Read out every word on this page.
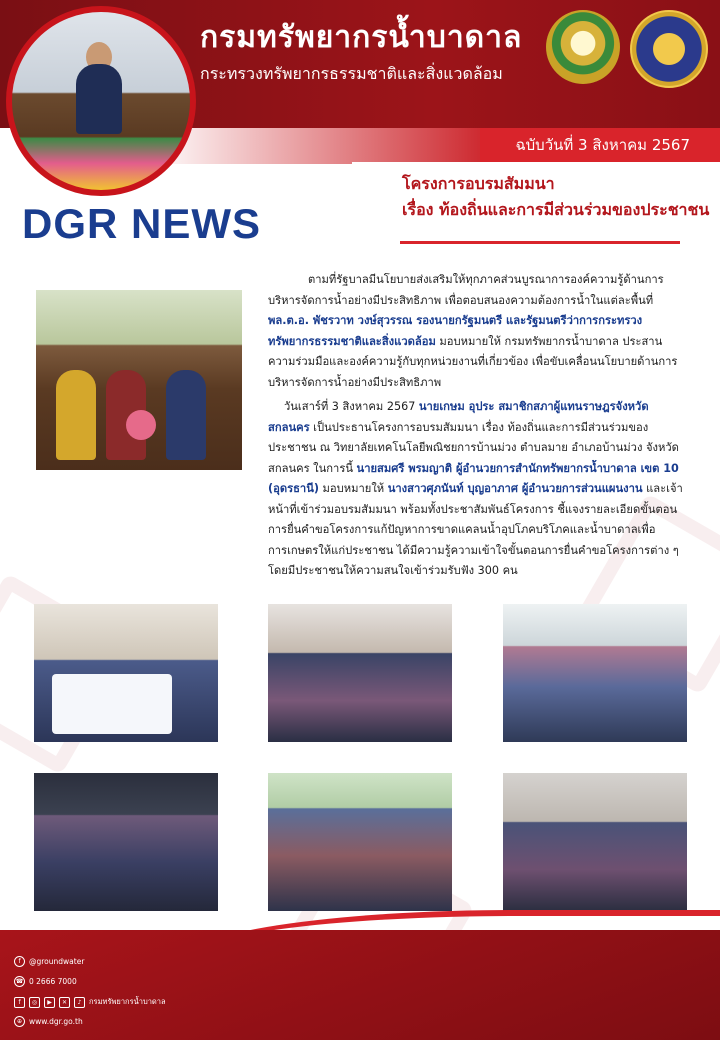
กรมทรัพยากรน้ำบาดาล
กระทรวงทรัพยากรธรรมชาติและสิ่งแวดล้อม
ฉบับวันที่ 3 สิงหาคม 2567
โครงการอบรมสัมมนา
เรื่อง ท้องถิ่นและการมีส่วนร่วมของประชาชน
DGR NEWS

ตามที่รัฐบาลมีนโยบายส่งเสริมให้ทุกภาคส่วนบูรณาการองค์ความรู้ด้านการบริหารจัดการน้ำอย่างมีประสิทธิภาพ เพื่อตอบสนองความต้องการน้ำในแต่ละพื้นที่ พล.ต.อ. พัชรวาท วงษ์สุวรรณ รองนายกรัฐมนตรี และรัฐมนตรีว่าการกระทรวงทรัพยากรธรรมชาติและสิ่งแวดล้อม มอบหมายให้ กรมทรัพยากรน้ำบาดาล ประสานความร่วมมือและองค์ความรู้กับทุกหน่วยงานที่เกี่ยวข้อง เพื่อขับเคลื่อนนโยบายด้านการบริหารจัดการน้ำอย่างมีประสิทธิภาพ

วันเสาร์ที่ 3 สิงหาคม 2567 นายเกษม อุประ สมาชิกสภาผู้แทนราษฎรจังหวัดสกลนคร เป็นประธานโครงการอบรมสัมมนา เรื่อง ท้องถิ่นและการมีส่วนร่วมของประชาชน ณ วิทยาลัยเทคโนโลยีพณิชยการบ้านม่วง ตำบลมาย อำเภอบ้านม่วง จังหวัดสกลนคร ในการนี้ นายสมศรี พรมญาติ ผู้อำนวยการสำนักทรัพยากรน้ำบาดาล เขต 10 (อุดรธานี) มอบหมายให้ นางสาวศุภนันท์ บุญอาภาศ ผู้อำนวยการส่วนแผนงาน และเจ้าหน้าที่เข้าร่วมอบรมสัมมนา พร้อมทั้งประชาสัมพันธ์โครงการ ชี้แจงรายละเอียดขั้นตอน การยื่นคำขอโครงการแก้ปัญหาการขาดแคลนน้ำอุปโภคบริโภคและน้ำบาดาลเพื่อการเกษตรให้แก่ประชาชน ได้มีความรู้ความเข้าใจขั้นตอนการยื่นคำขอโครงการต่าง ๆ โดยมีประชาชนให้ความสนใจเข้าร่วมรับฟัง 300 คน

f	@groundwater
☎ 0 2666 7000
f	◎	▶	✕	♪	กรมทรัพยากรน้ำบาดาล
⊕ www.dgr.go.th
